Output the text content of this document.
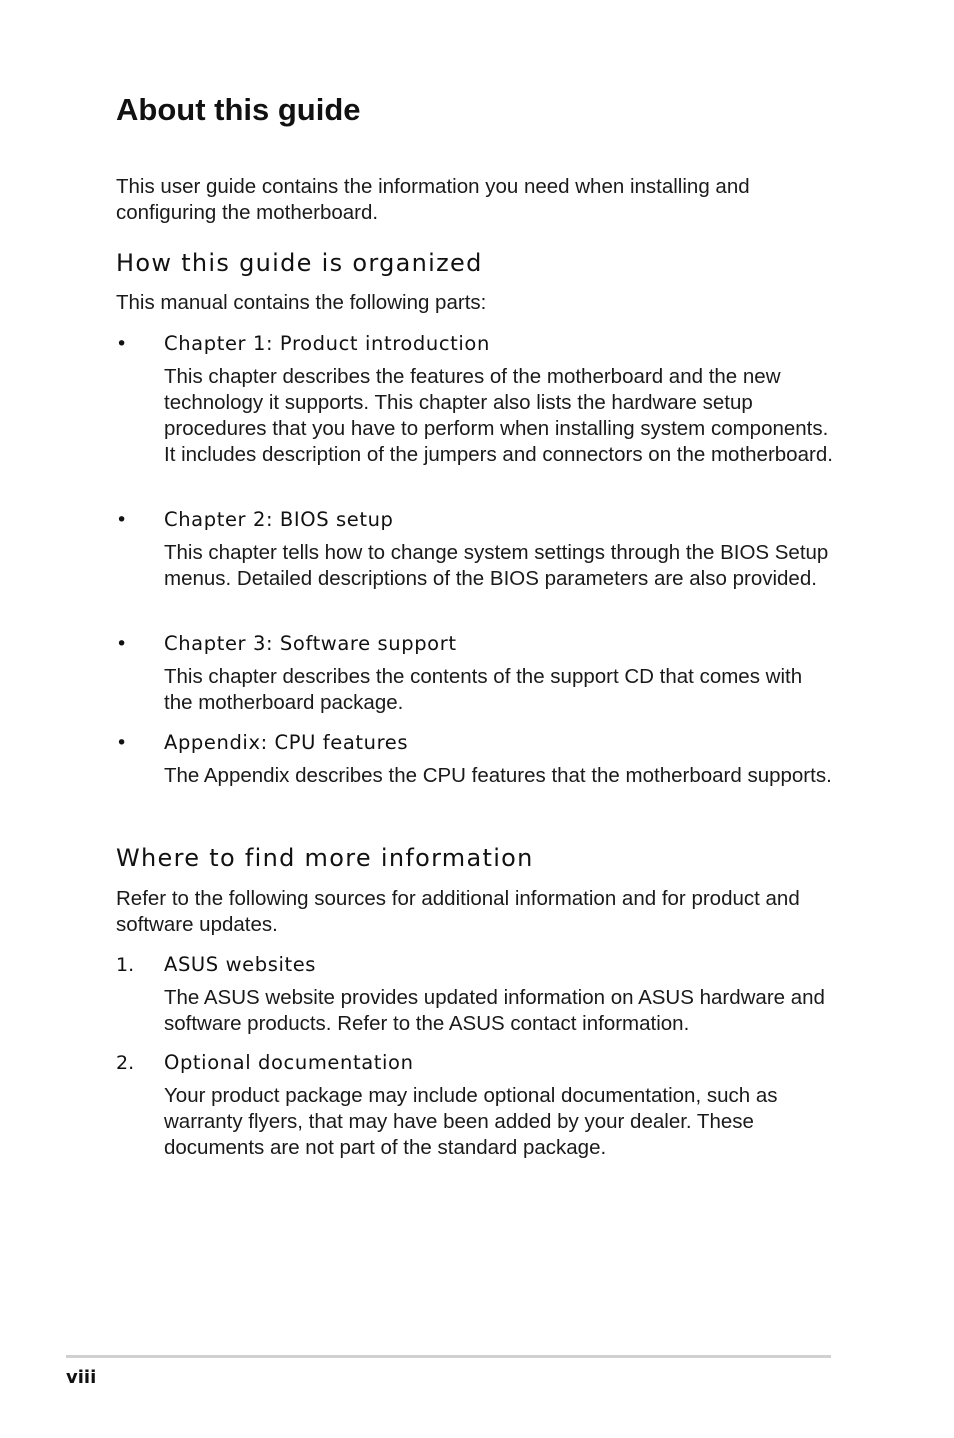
About this guide

This user guide contains the information you need when installing and configuring the motherboard.

How this guide is organized

This manual contains the following parts:

• Chapter 1: Product introduction

This chapter describes the features of the motherboard and the new technology it supports. This chapter also lists the hardware setup procedures that you have to perform when installing system components. It includes description of the jumpers and connectors on the motherboard.

• Chapter 2: BIOS setup

This chapter tells how to change system settings through the BIOS Setup menus. Detailed descriptions of the BIOS parameters are also provided.

• Chapter 3: Software support

This chapter describes the contents of the support CD that comes with the motherboard package.

• Appendix: CPU features

The Appendix describes the CPU features that the motherboard supports.

Where to find more information

Refer to the following sources for additional information and for product and software updates.

1. ASUS websites

The ASUS website provides updated information on ASUS hardware and software products. Refer to the ASUS contact information.

2. Optional documentation

Your product package may include optional documentation, such as warranty flyers, that may have been added by your dealer. These documents are not part of the standard package.

viii
